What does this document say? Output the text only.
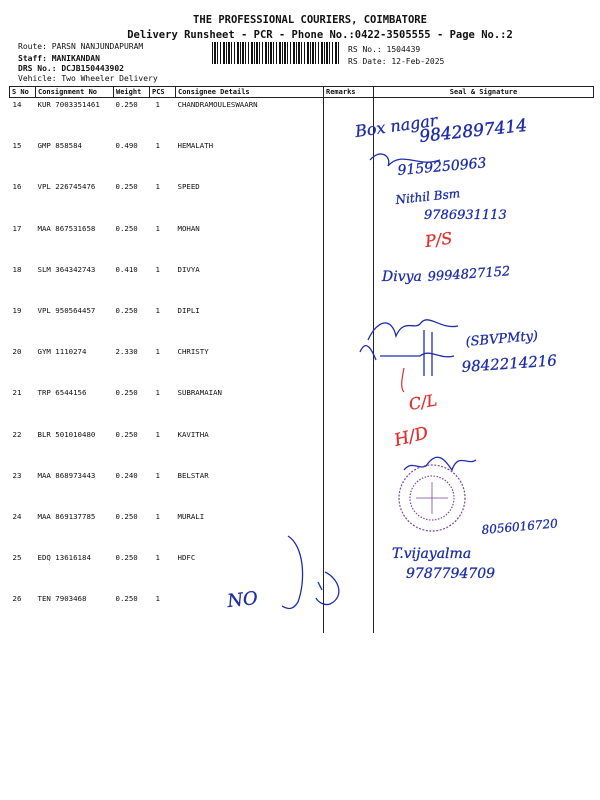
THE PROFESSIONAL COURIERS, COIMBATORE
Delivery Runsheet - PCR - Phone No.:0422-3505555 - Page No.:2
Route: PARSN NANJUNDAPURAM
Staff: MANIKANDAN
DRS No.: DCJB150443902
Vehicle: Two Wheeler Delivery
RS No.: 1504439
RS Date: 12-Feb-2025
S No	Consignment No	Weight	PCS	Consignee Details	Remarks	Seal & Signature
14	KUR 7003351461	0.250	1	CHANDRAMOULESWAARN		
15	GMP 858584	0.490	1	HEMALATH		
16	VPL 226745476	0.250	1	SPEED		
17	MAA 867531658	0.250	1	MOHAN		
18	SLM 364342743	0.410	1	DIVYA		
19	VPL 950564457	0.250	1	DIPLI		
20	GYM 1110274	2.330	1	CHRISTY		
21	TRP 6544156	0.250	1	SUBRAMAIAN		
22	BLR 501010480	0.250	1	KAVITHA		
23	MAA 868973443	0.240	1	BELSTAR		
24	MAA 869137785	0.250	1	MURALI		
25	EDQ 13616184	0.250	1	HDFC		
26	TEN 7903468	0.250	1			
Box nagar
9842897414
9159250963
Nithil Bsm
9786931113
Divya 9994827152
(SBVPMty)
9842214216
8056016720
T.vijayalma
9787794709
NO
P/S
C/L
H/D
